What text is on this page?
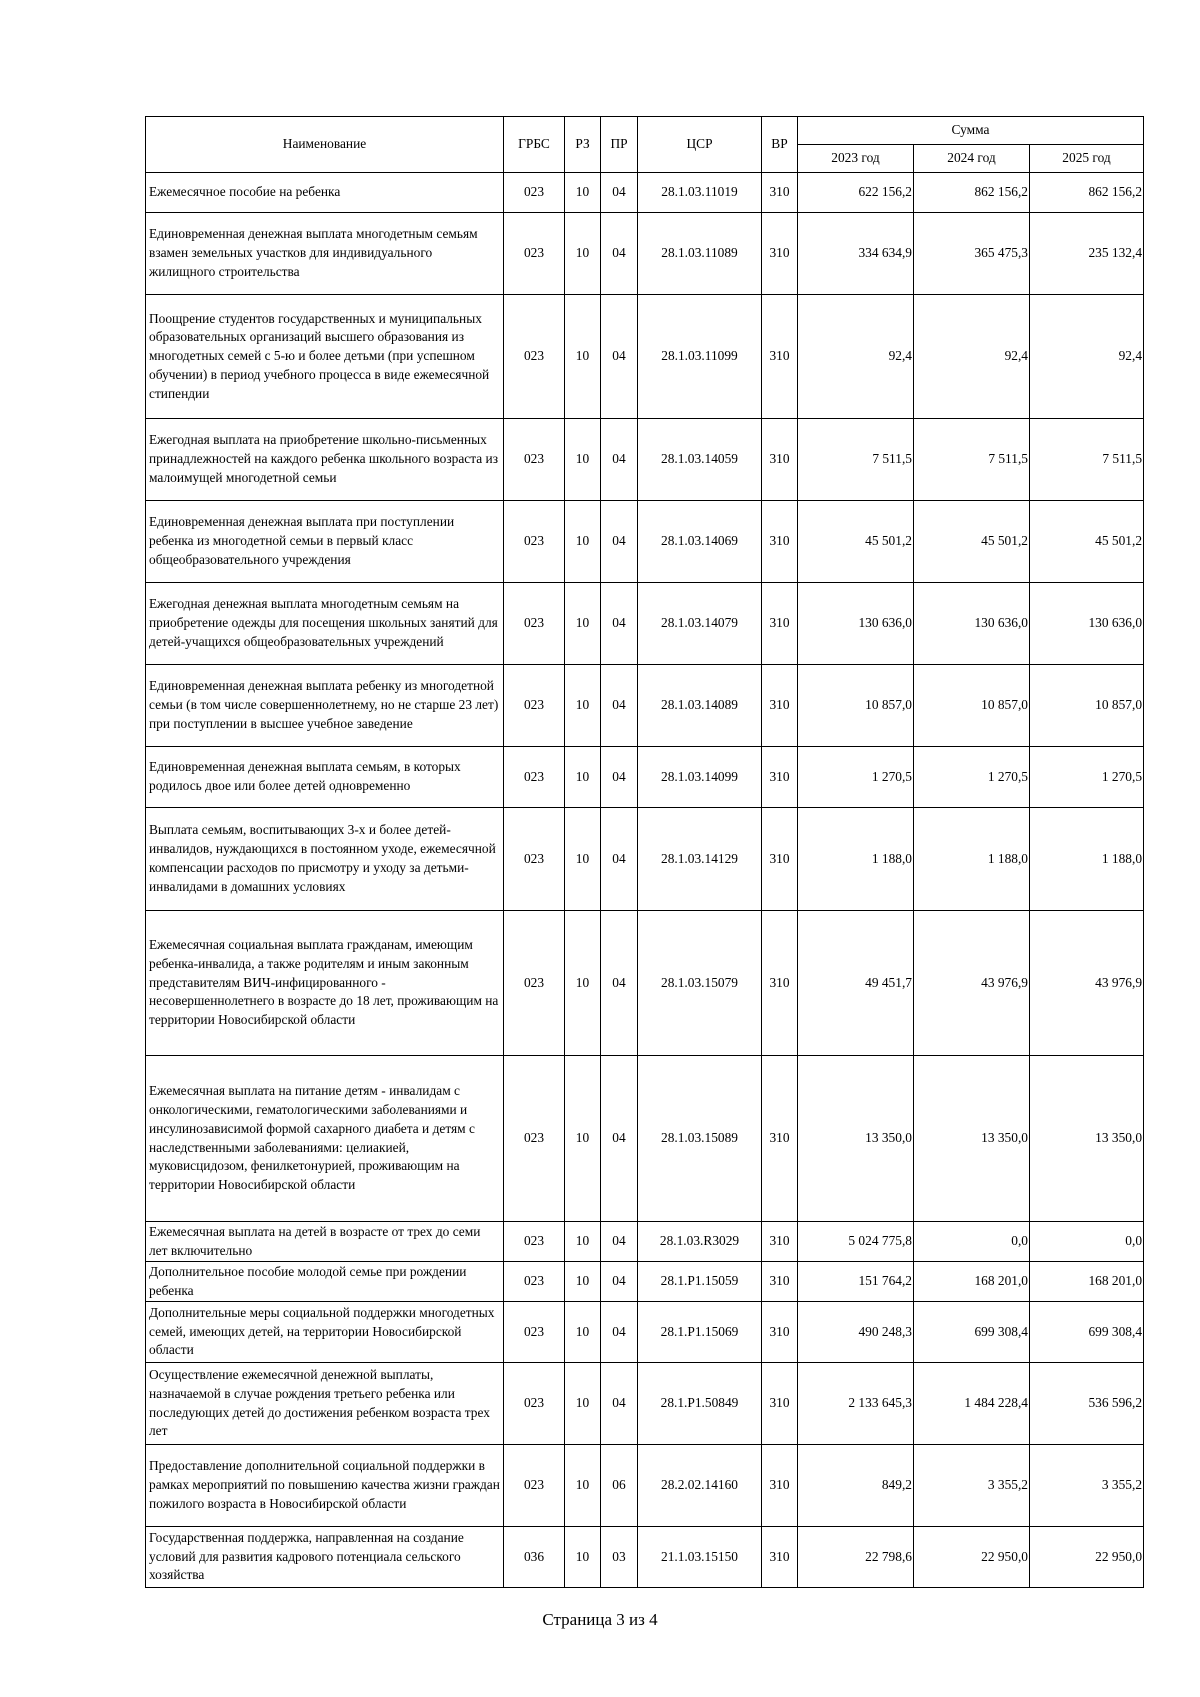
Наименование	ГРБС	РЗ	ПР	ЦСР	ВР	Сумма		
						2023 год	2024 год	2025 год
Ежемесячное пособие на ребенка	023	10	04	28.1.03.11019	310	622 156,2	862 156,2	862 156,2
Единовременная денежная выплата многодетным семьям взамен земельных участков для индивидуального жилищного строительства	023	10	04	28.1.03.11089	310	334 634,9	365 475,3	235 132,4
Поощрение студентов государственных и муниципальных образовательных организаций высшего образования из многодетных семей с 5-ю и более детьми (при успешном обучении) в период учебного процесса в виде ежемесячной стипендии	023	10	04	28.1.03.11099	310	92,4	92,4	92,4
Ежегодная выплата на приобретение школьно-письменных принадлежностей на каждого ребенка школьного возраста из малоимущей многодетной семьи	023	10	04	28.1.03.14059	310	7 511,5	7 511,5	7 511,5
Единовременная денежная выплата при поступлении ребенка из многодетной семьи в первый класс общеобразовательного учреждения	023	10	04	28.1.03.14069	310	45 501,2	45 501,2	45 501,2
Ежегодная денежная выплата многодетным семьям на приобретение одежды для посещения школьных занятий для детей-учащихся общеобразовательных учреждений	023	10	04	28.1.03.14079	310	130 636,0	130 636,0	130 636,0
Единовременная денежная выплата ребенку из многодетной семьи (в том числе совершеннолетнему, но не старше 23 лет) при поступлении в высшее учебное заведение	023	10	04	28.1.03.14089	310	10 857,0	10 857,0	10 857,0
Единовременная денежная выплата семьям, в которых родилось двое или более детей одновременно	023	10	04	28.1.03.14099	310	1 270,5	1 270,5	1 270,5
Выплата семьям, воспитывающих 3-х и более детей-инвалидов, нуждающихся в постоянном уходе, ежемесячной компенсации расходов по присмотру и уходу за детьми-инвалидами в домашних условиях	023	10	04	28.1.03.14129	310	1 188,0	1 188,0	1 188,0
Ежемесячная социальная выплата гражданам, имеющим ребенка-инвалида, а также родителям и иным законным представителям ВИЧ-инфицированного - несовершеннолетнего в возрасте до 18 лет, проживающим на территории Новосибирской области	023	10	04	28.1.03.15079	310	49 451,7	43 976,9	43 976,9
Ежемесячная выплата на питание детям - инвалидам с онкологическими, гематологическими заболеваниями и инсулинозависимой формой сахарного диабета и детям с наследственными заболеваниями: целиакией, муковисцидозом, фенилкетонурией, проживающим на территории Новосибирской области	023	10	04	28.1.03.15089	310	13 350,0	13 350,0	13 350,0
Ежемесячная выплата на детей в возрасте от трех до семи лет включительно	023	10	04	28.1.03.R3029	310	5 024 775,8	0,0	0,0
Дополнительное пособие молодой семье при рождении ребенка	023	10	04	28.1.P1.15059	310	151 764,2	168 201,0	168 201,0
Дополнительные меры социальной поддержки многодетных семей, имеющих детей, на территории Новосибирской области	023	10	04	28.1.P1.15069	310	490 248,3	699 308,4	699 308,4
Осуществление ежемесячной денежной выплаты, назначаемой в случае рождения третьего ребенка или последующих детей до достижения ребенком возраста трех лет	023	10	04	28.1.P1.50849	310	2 133 645,3	1 484 228,4	536 596,2
Предоставление дополнительной социальной поддержки в рамках мероприятий по повышению качества жизни граждан пожилого возраста в Новосибирской области	023	10	06	28.2.02.14160	310	849,2	3 355,2	3 355,2
Государственная поддержка, направленная на создание условий для развития кадрового потенциала сельского хозяйства	036	10	03	21.1.03.15150	310	22 798,6	22 950,0	22 950,0
Страница 3 из 4
